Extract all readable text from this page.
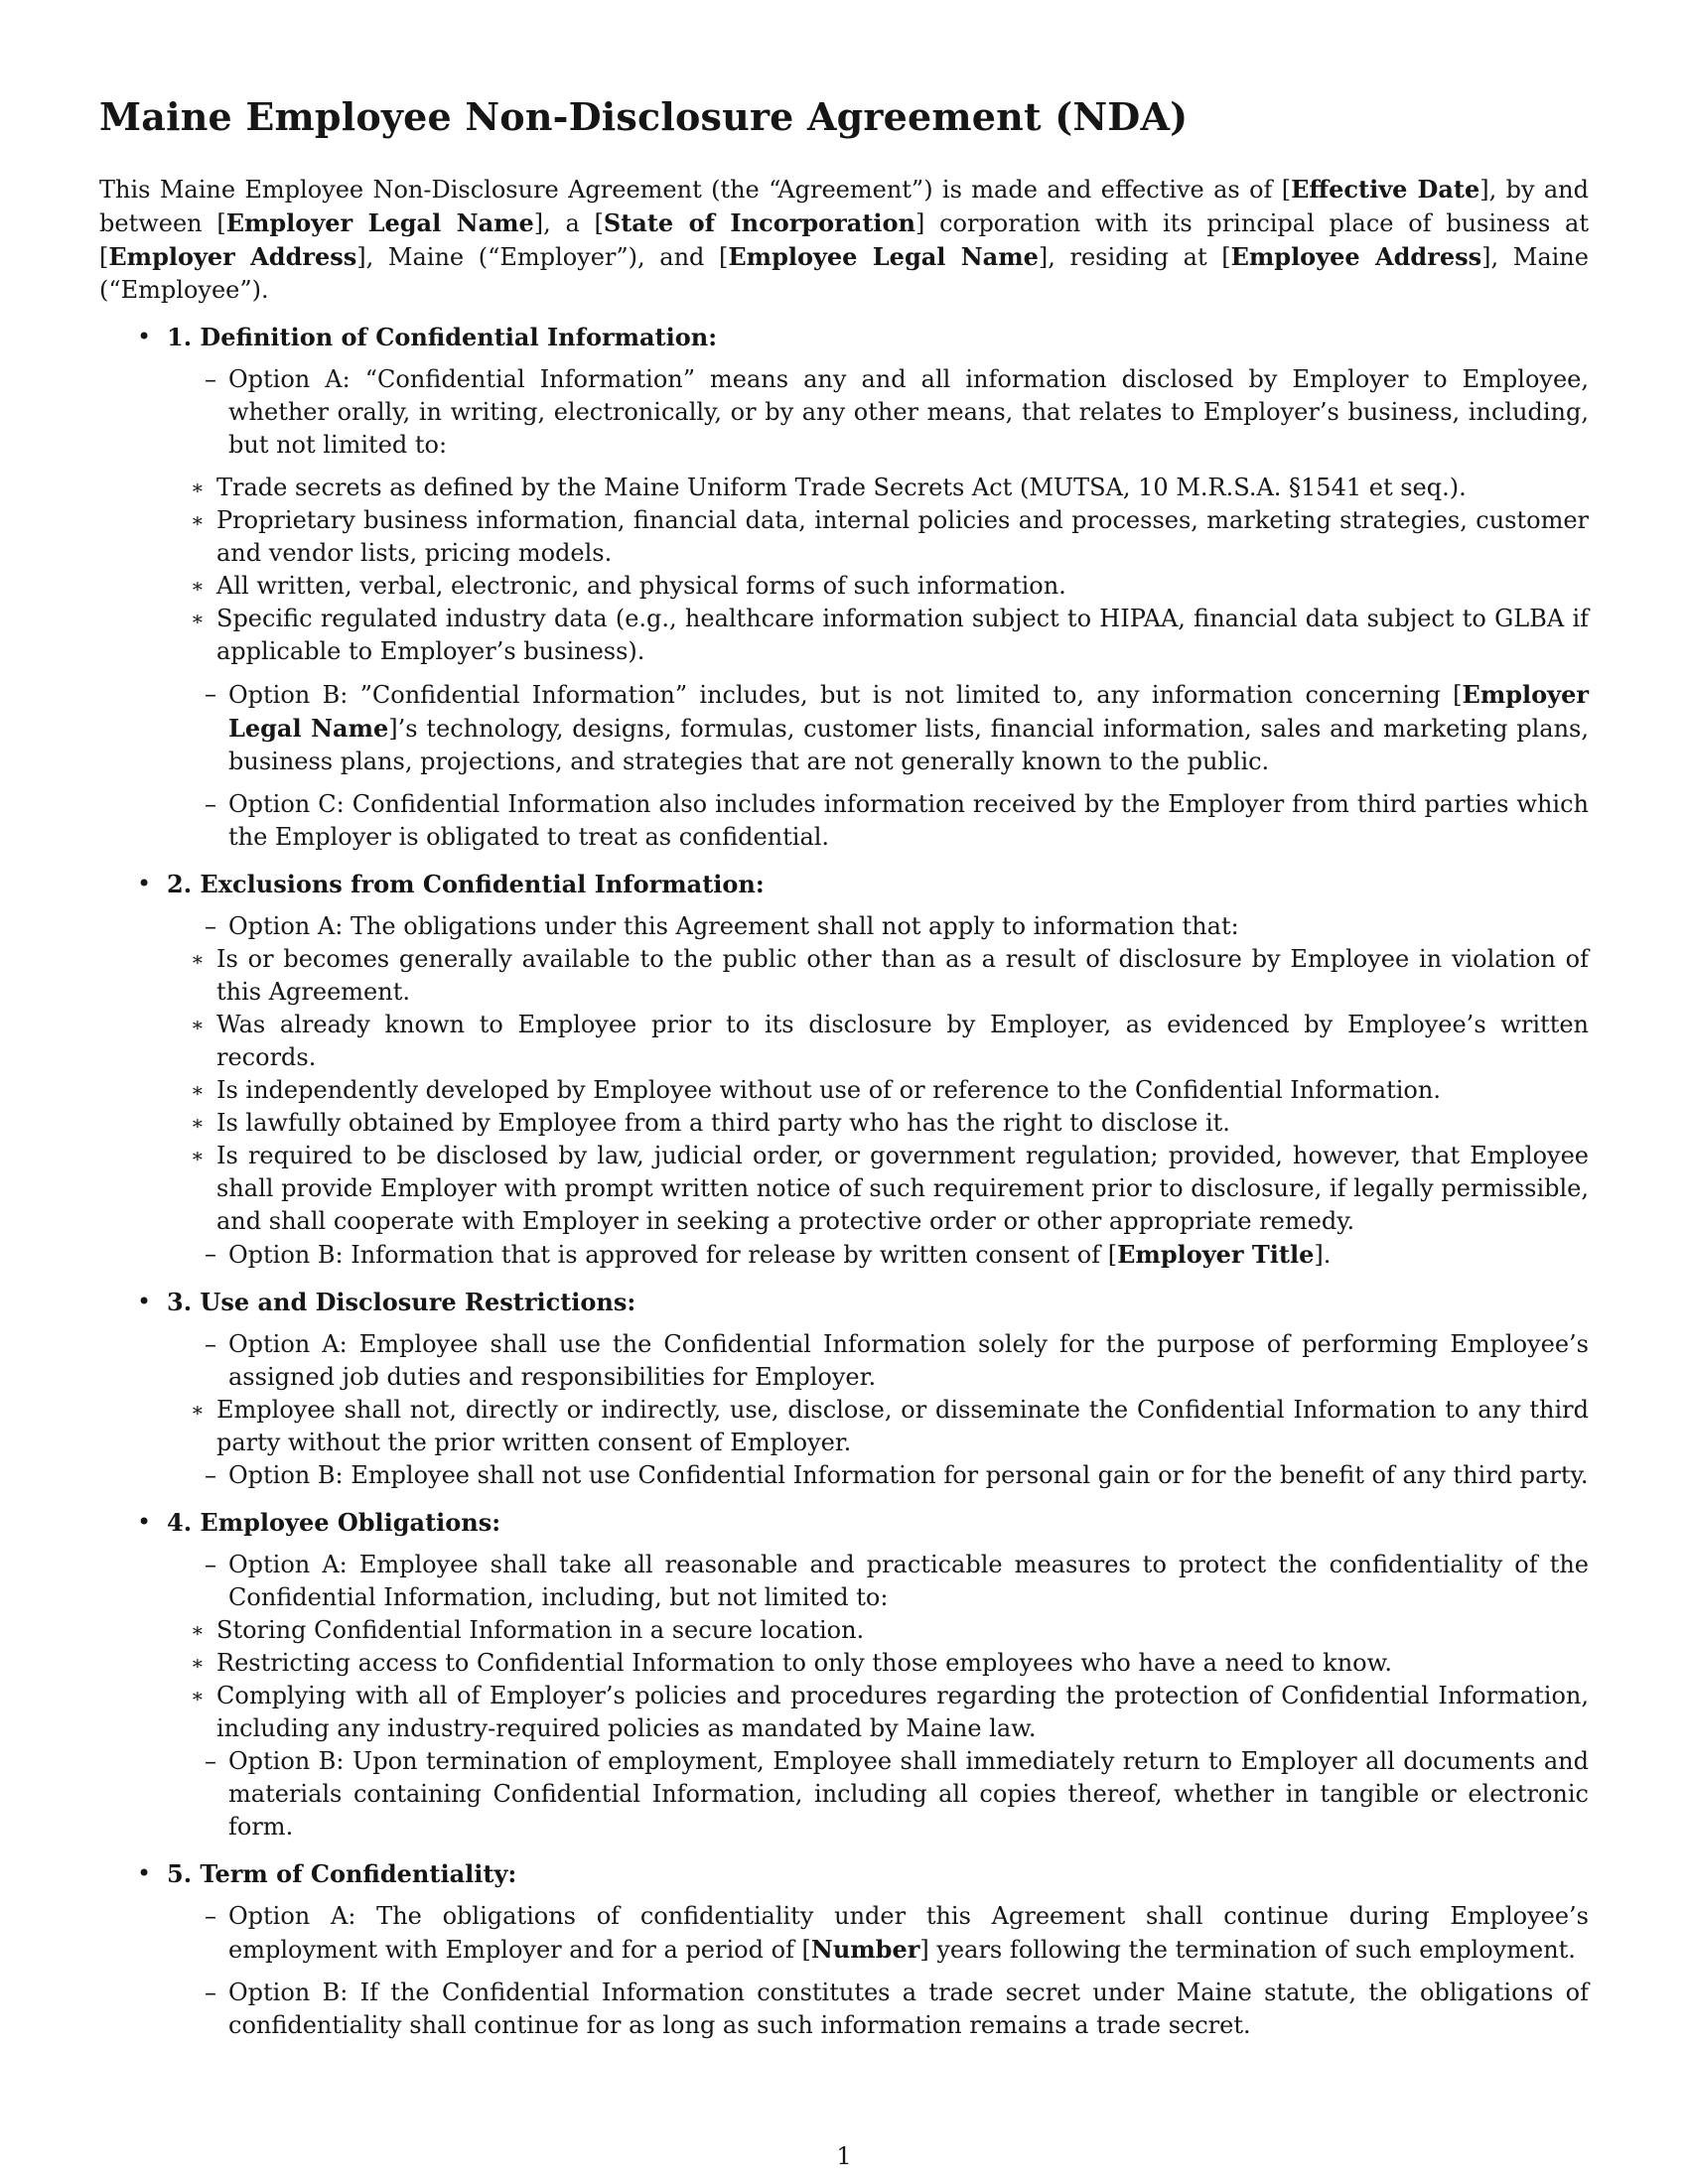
Maine Employee Non-Disclosure Agreement (NDA)

This Maine Employee Non-Disclosure Agreement (the “Agreement”) is made and effective as of [Effective Date], by and between [Employer Legal Name], a [State of Incorporation] corporation with its principal place of business at [Employer Address], Maine (“Employer”), and [Employee Legal Name], residing at [Employee Address], Maine (“Employee”).

• 1. Definition of Confidential Information:
– Option A: “Confidential Information” means any and all information disclosed by Employer to Employee, whether orally, in writing, electronically, or by any other means, that relates to Employer’s business, including, but not limited to:
∗ Trade secrets as defined by the Maine Uniform Trade Secrets Act (MUTSA, 10 M.R.S.A. §1541 et seq.).
∗ Proprietary business information, financial data, internal policies and processes, marketing strategies, customer and vendor lists, pricing models.
∗ All written, verbal, electronic, and physical forms of such information.
∗ Specific regulated industry data (e.g., healthcare information subject to HIPAA, financial data subject to GLBA if applicable to Employer’s business).
– Option B: ”Confidential Information” includes, but is not limited to, any information concerning [Employer Legal Name]’s technology, designs, formulas, customer lists, financial information, sales and marketing plans, business plans, projections, and strategies that are not generally known to the public.
– Option C: Confidential Information also includes information received by the Employer from third parties which the Employer is obligated to treat as confidential.
• 2. Exclusions from Confidential Information:
– Option A: The obligations under this Agreement shall not apply to information that:
∗ Is or becomes generally available to the public other than as a result of disclosure by Employee in violation of this Agreement.
∗ Was already known to Employee prior to its disclosure by Employer, as evidenced by Employee’s written records.
∗ Is independently developed by Employee without use of or reference to the Confidential Information.
∗ Is lawfully obtained by Employee from a third party who has the right to disclose it.
∗ Is required to be disclosed by law, judicial order, or government regulation; provided, however, that Employee shall provide Employer with prompt written notice of such requirement prior to disclosure, if legally permissible, and shall cooperate with Employer in seeking a protective order or other appropriate remedy.
– Option B: Information that is approved for release by written consent of [Employer Title].
• 3. Use and Disclosure Restrictions:
– Option A: Employee shall use the Confidential Information solely for the purpose of performing Employee’s assigned job duties and responsibilities for Employer.
∗ Employee shall not, directly or indirectly, use, disclose, or disseminate the Confidential Information to any third party without the prior written consent of Employer.
– Option B: Employee shall not use Confidential Information for personal gain or for the benefit of any third party.
• 4. Employee Obligations:
– Option A: Employee shall take all reasonable and practicable measures to protect the confidentiality of the Confidential Information, including, but not limited to:
∗ Storing Confidential Information in a secure location.
∗ Restricting access to Confidential Information to only those employees who have a need to know.
∗ Complying with all of Employer’s policies and procedures regarding the protection of Confidential Information, including any industry-required policies as mandated by Maine law.
– Option B: Upon termination of employment, Employee shall immediately return to Employer all documents and materials containing Confidential Information, including all copies thereof, whether in tangible or electronic form.
• 5. Term of Confidentiality:
– Option A: The obligations of confidentiality under this Agreement shall continue during Employee’s employment with Employer and for a period of [Number] years following the termination of such employment.
– Option B: If the Confidential Information constitutes a trade secret under Maine statute, the obligations of confidentiality shall continue for as long as such information remains a trade secret.
1
